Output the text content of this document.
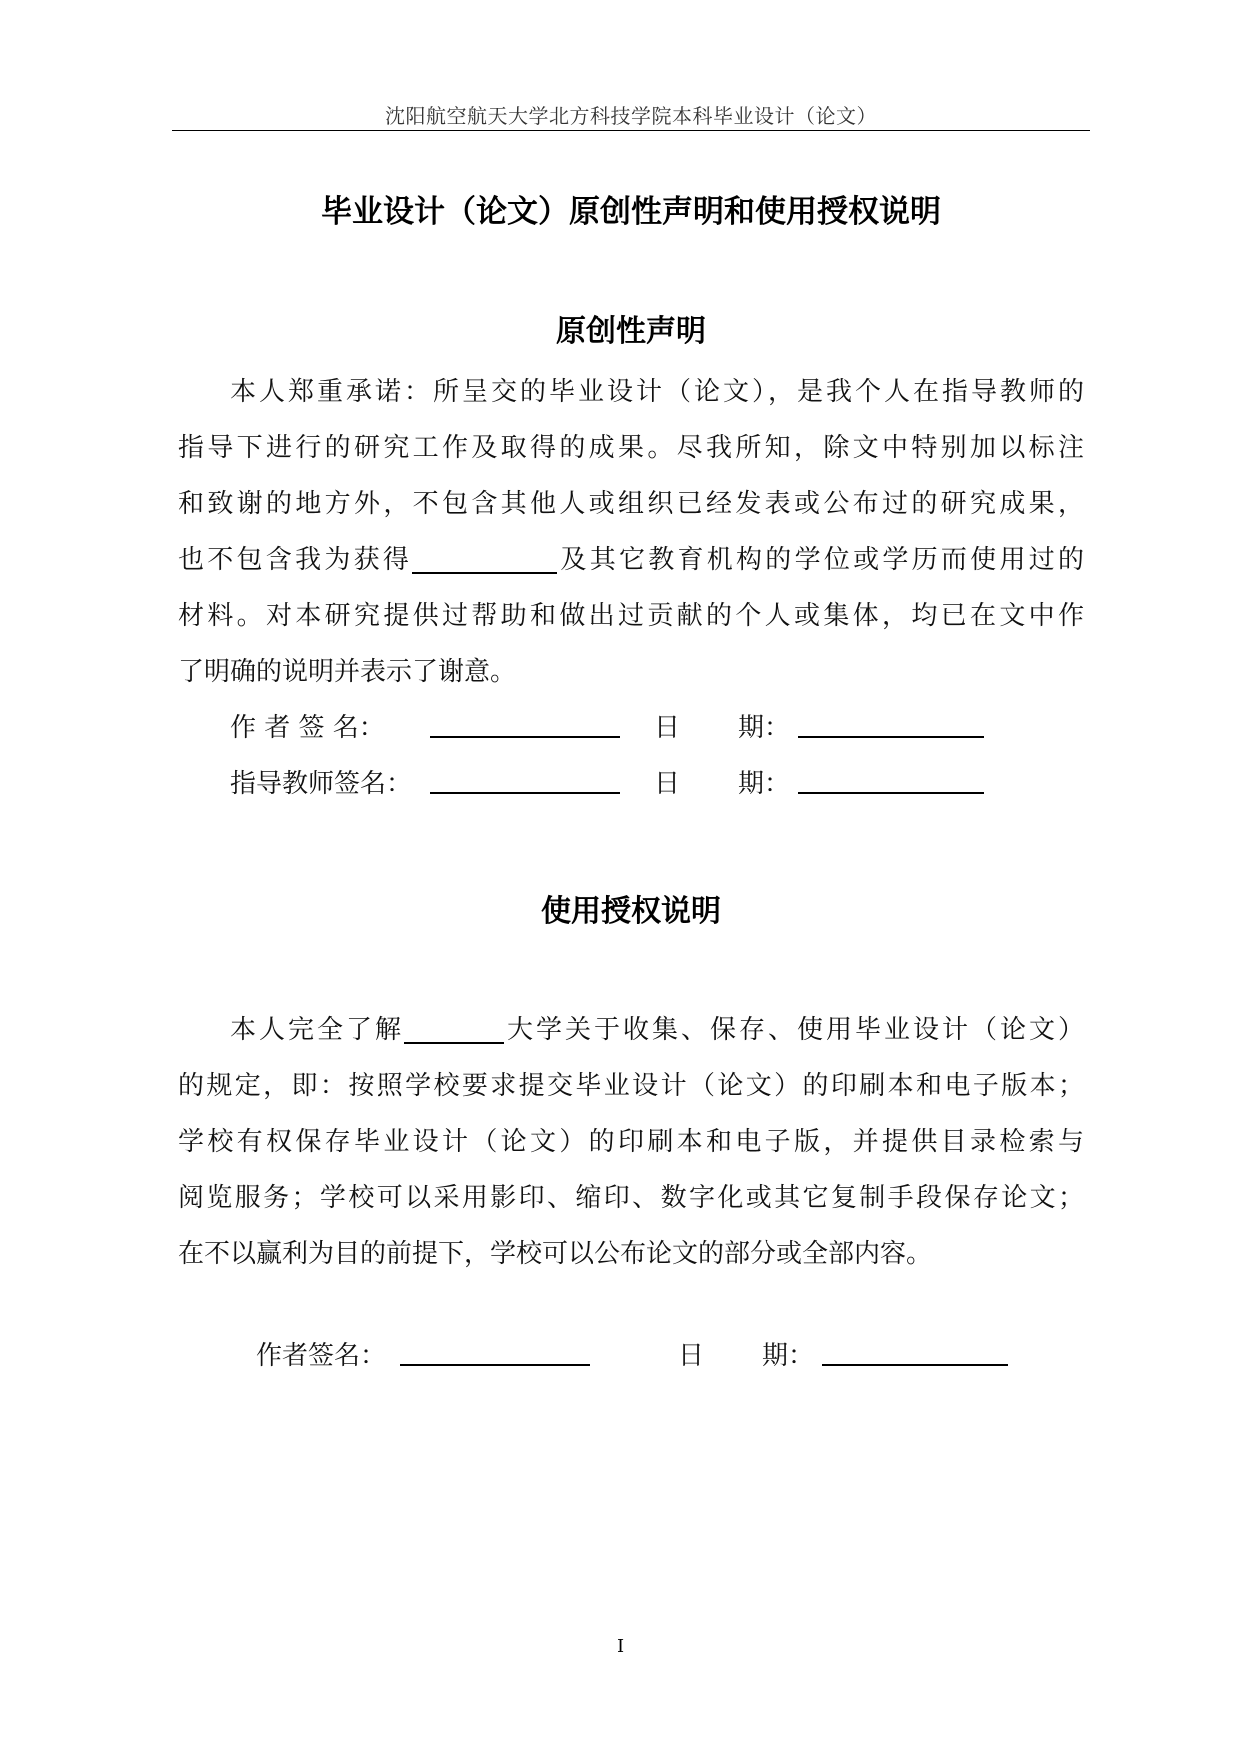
沈阳航空航天大学北方科技学院本科毕业设计（论文）
毕业设计（论文）原创性声明和使用授权说明
原创性声明
本人郑重承诺：所呈交的毕业设计（论文），是我个人在指导教师的
指导下进行的研究工作及取得的成果。尽我所知，除文中特别加以标注
和致谢的地方外，不包含其他人或组织已经发表或公布过的研究成果，
也不包含我为获得	及其它教育机构的学位或学历而使用过的
材料。对本研究提供过帮助和做出过贡献的个人或集体，均已在文中作
了明确的说明并表示了谢意。
作 者 签 名：	日 期：
指导教师签名：	日 期：
使用授权说明
本人完全了解	大学关于收集、保存、使用毕业设计（论文）
的规定，即：按照学校要求提交毕业设计（论文）的印刷本和电子版本；
学校有权保存毕业设计（论文）的印刷本和电子版，并提供目录检索与
阅览服务；学校可以采用影印、缩印、数字化或其它复制手段保存论文；
在不以赢利为目的前提下，学校可以公布论文的部分或全部内容。
作者签名：	日 期：
I
